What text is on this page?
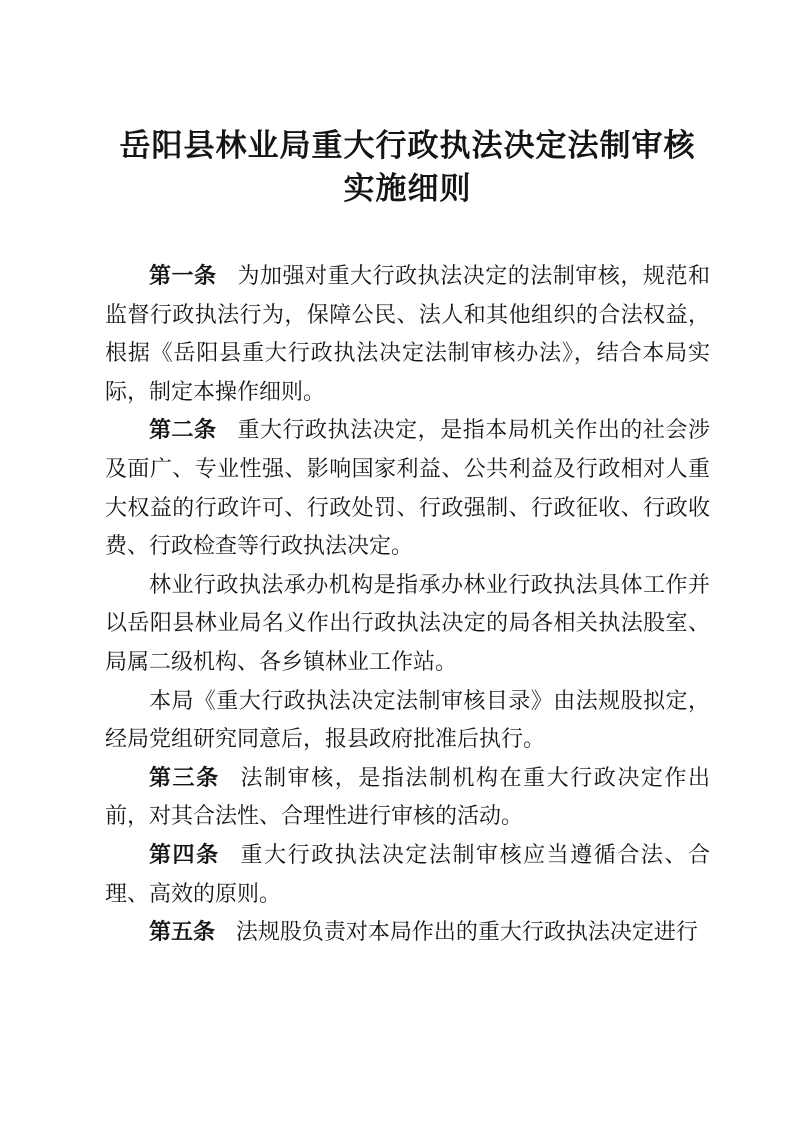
岳阳县林业局重大行政执法决定法制审核
实施细则

第一条 为加强对重大行政执法决定的法制审核，规范和监督行政执法行为，保障公民、法人和其他组织的合法权益，根据《岳阳县重大行政执法决定法制审核办法》，结合本局实际，制定本操作细则。

第二条 重大行政执法决定，是指本局机关作出的社会涉及面广、专业性强、影响国家利益、公共利益及行政相对人重大权益的行政许可、行政处罚、行政强制、行政征收、行政收费、行政检查等行政执法决定。

林业行政执法承办机构是指承办林业行政执法具体工作并以岳阳县林业局名义作出行政执法决定的局各相关执法股室、局属二级机构、各乡镇林业工作站。

本局《重大行政执法决定法制审核目录》由法规股拟定，经局党组研究同意后，报县政府批准后执行。

第三条 法制审核，是指法制机构在重大行政决定作出前，对其合法性、合理性进行审核的活动。

第四条 重大行政执法决定法制审核应当遵循合法、合理、高效的原则。

第五条 法规股负责对本局作出的重大行政执法决定进行
